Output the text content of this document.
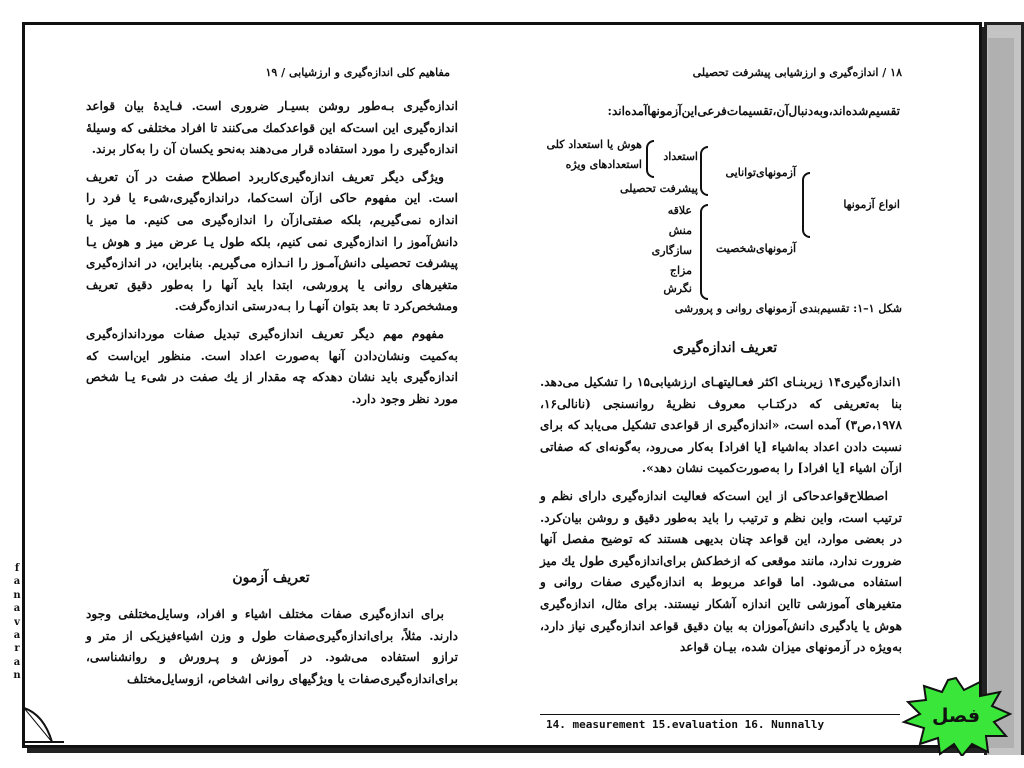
مفاهیم کلی اندازه‌گیری و ارزشیابی / ۱۹	۱۸ / اندازه‌گیری و ارزشیابی پیشرفت تحصیلی

اندازه‌گیری بـه‌طور روشن بسیـار ضروری است. فـایدهٔ بیان قواعد اندازه‌گیری این است‌که این قواعدکمك می‌کنند تا افراد مختلفی که وسیلهٔ اندازه‌گیری را مورد استفاده قرار می‌دهند به‌نحو یکسان آن را به‌کار برند.

ویژگی دیگر تعریف اندازه‌گیری‌کاربرد اصطلاح صفت در آن تعریف است. این مفهوم حاکی ازآن است‌کما، دراندازه‌گیری،شیء یا فرد را اندازه نمی‌گیریم، بلکه صفتی‌ازآن را اندازه‌گیری می کنیم. ما میز یا دانش‌آموز را اندازه‌گیری نمی کنیم، بلکه طول یـا عرض میز و هوش یـا پیشرفت تحصیلی دانش‌آمـوز را انـدازه می‌گیریم. بنابراین، در اندازه‌گیری متغیرهای روانی یا پرورشی، ابتدا باید آنها را به‌طور دقیق تعریف ومشخص‌کرد تا بعد بتوان آنهـا را بـه‌درستی اندازه‌گرفت.

مفهوم مهم دیگر تعریف اندازه‌گیری تبدیل صفات موردانداز‌ه‌گیری به‌کمیت ونشان‌دادن آنها به‌صورت اعداد است. منظور این‌است که اندازه‌گیری باید نشان دهدکه چه مقدار از یك صفت در شیء یـا شخص مورد نظر وجود دارد.

تعریف آزمون
برای اندازه‌گیری صفات مختلف اشیاء و افراد، وسایل‌مختلفی وجود دارند. مثلاً، برای‌اندازه‌گیری‌صفات طول و وزن اشیاءفیزیکی از متر و ترازو استفاده می‌شود. در آموزش و پـرورش و روانشناسی، برای‌اندازه‌گیری‌صفات یا ویژگیهای روانی اشخاص، ازوسایل‌مختلف
تقسیم‌شده‌اند،وبه‌دنبال‌آن،تقسیمات‌فرعی‌این‌آزمونها‌آمده‌اند:
انواع آزمونها
آزمونهای‌توانایی
آزمونهای‌شخصیت
استعداد
هوش یا استعداد کلی
استعدادهای ویژه
پیشرفت تحصیلی
علاقه
منش
سازگاری
مزاج
نگرش
شکل ۱–۱: تقسیم‌بندی آزمونهای روانی و پرورشی
تعریف اندازه‌گیری

۱اندازه‌گیری۱۴ زیربنـای اکثر فعـالیتهـای ارزشیابی۱۵ را تشکیل می‌دهد. بنا به‌تعریفی که درکتـاب معروف نظریهٔ روانسنجی (نانالی۱۶، ۱۹۷۸،ص۳) آمده است، «اندازه‌گیری از قواعدی تشکیل می‌یابد که برای نسبت دادن اعداد به‌اشیاء [یا افراد] به‌کار می‌رود، به‌گونه‌ای که صفاتی ازآن اشیاء [یا افراد] را به‌صورت‌کمیت نشان دهد».

اصطلاح‌قواعدحاکی از این است‌که فعالیت اندازه‌گیری دارای نظم و ترتیب است، واین نظم و ترتیب را باید به‌طور دقیق و روشن بیان‌کرد. در بعضی موارد، این قواعد چنان بدیهی هستند که توضیح مفصل آنها ضرورت ندارد، مانند موقعی که ازخط‌کش برای‌اندازه‌گیری طول یك میز استفاده می‌شود. اما قواعد مربوط به اندازه‌گیری صفات روانی و متغیرهای آموزشی تااین اندازه آشکار نیستند. برای مثال، اندازه‌گیری هوش یا یادگیری دانش‌آموزان به بیان دقیق قواعد اندازه‌گیری نیاز دارد، به‌ویژه در آزمونهای میزان شده، بیـان قواعد

14. measurement 15.evaluation 16. Nunnally
f
a
n
a
v
a
r
a
n
فصل
